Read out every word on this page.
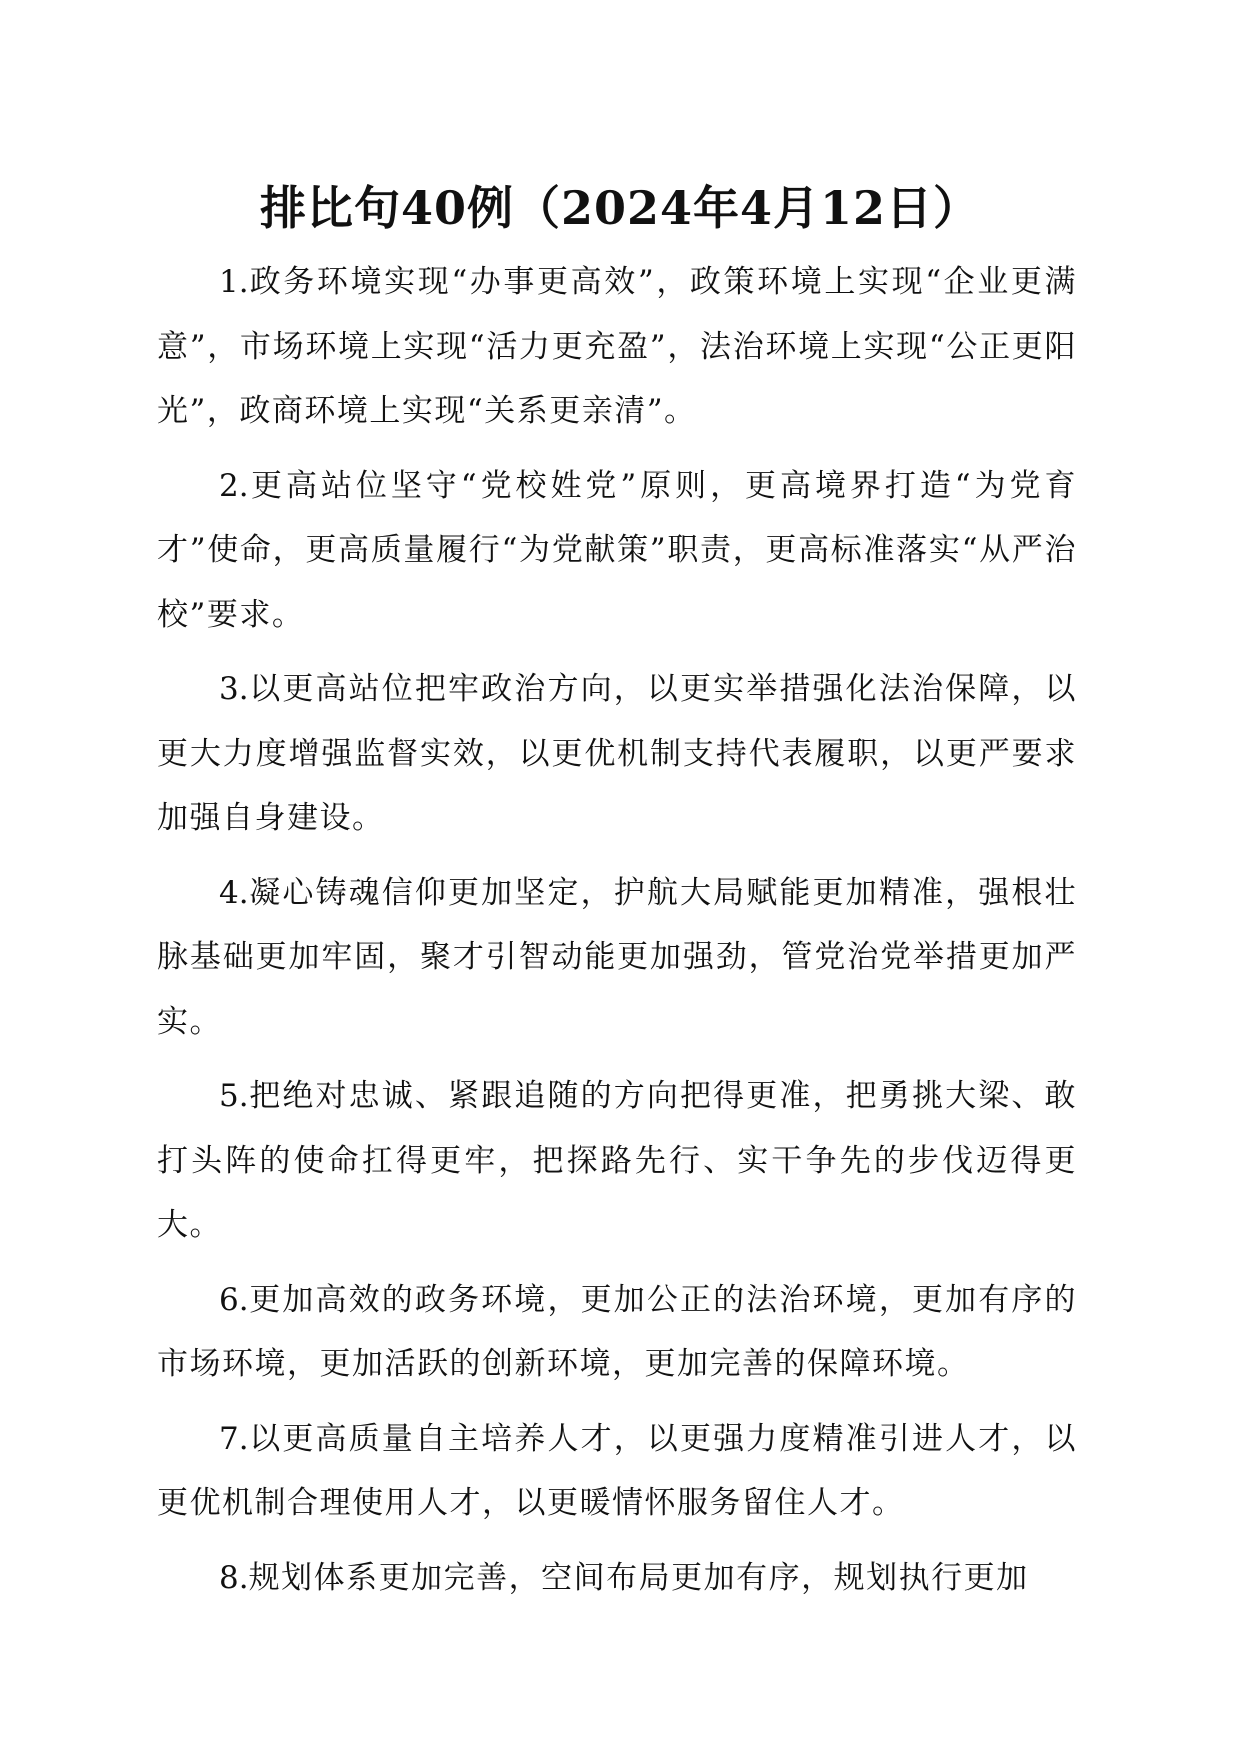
排比句40例（2024年4月12日）

1.政务环境实现“办事更高效”，政策环境上实现“企业更满意”，市场环境上实现“活力更充盈”，法治环境上实现“公正更阳光”，政商环境上实现“关系更亲清”。

2.更高站位坚守“党校姓党”原则，更高境界打造“为党育才”使命，更高质量履行“为党献策”职责，更高标准落实“从严治校”要求。

3.以更高站位把牢政治方向，以更实举措强化法治保障，以更大力度增强监督实效，以更优机制支持代表履职，以更严要求加强自身建设。

4.凝心铸魂信仰更加坚定，护航大局赋能更加精准，强根壮脉基础更加牢固，聚才引智动能更加强劲，管党治党举措更加严实。

5.把绝对忠诚、紧跟追随的方向把得更准，把勇挑大梁、敢打头阵的使命扛得更牢，把探路先行、实干争先的步伐迈得更大。

6.更加高效的政务环境，更加公正的法治环境，更加有序的市场环境，更加活跃的创新环境，更加完善的保障环境。

7.以更高质量自主培养人才，以更强力度精准引进人才，以更优机制合理使用人才，以更暖情怀服务留住人才。

8.规划体系更加完善，空间布局更加有序，规划执行更加
